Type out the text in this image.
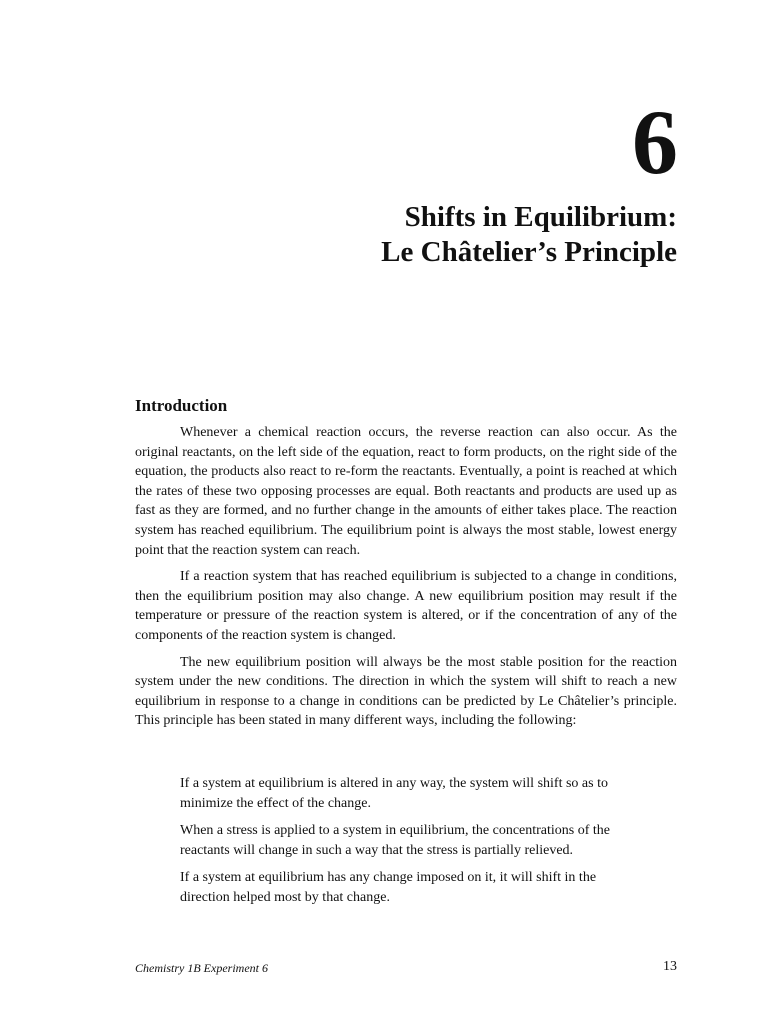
6
Shifts in Equilibrium:
Le Châtelier’s Principle
Introduction

Whenever a chemical reaction occurs, the reverse reaction can also occur. As the original reactants, on the left side of the equation, react to form products, on the right side of the equation, the products also react to re-form the reactants. Eventually, a point is reached at which the rates of these two opposing processes are equal. Both reactants and products are used up as fast as they are formed, and no further change in the amounts of either takes place. The reaction system has reached equilibrium. The equilibrium point is always the most stable, lowest energy point that the reaction system can reach.

If a reaction system that has reached equilibrium is subjected to a change in conditions, then the equilibrium position may also change. A new equilibrium position may result if the temperature or pressure of the reaction system is altered, or if the concentration of any of the components of the reaction system is changed.

The new equilibrium position will always be the most stable position for the reaction system under the new conditions. The direction in which the system will shift to reach a new equilibrium in response to a change in conditions can be predicted by Le Châtelier’s principle. This principle has been stated in many different ways, including the following:

If a system at equilibrium is altered in any way, the system will shift so as to minimize the effect of the change.

When a stress is applied to a system in equilibrium, the concentrations of the reactants will change in such a way that the stress is partially relieved.

If a system at equilibrium has any change imposed on it, it will shift in the direction helped most by that change.

Chemistry 1B Experiment 6	13
